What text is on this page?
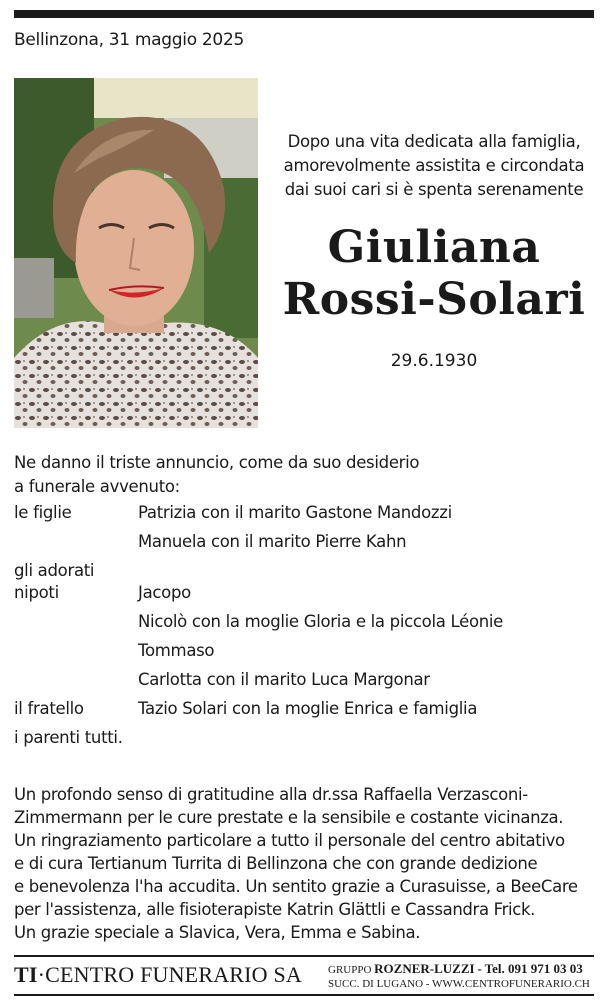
Bellinzona, 31 maggio 2025
Dopo una vita dedicata alla famiglia,
amorevolmente assistita e circondata
dai suoi cari si è spenta serenamente
Giuliana
Rossi-Solari
29.6.1930
Ne danno il triste annuncio, come da suo desiderio
a funerale avvenuto:
le figlie	Patrizia con il marito Gastone Mandozzi
Manuela con il marito Pierre Kahn
gli adorati
nipoti	Jacopo
Nicolò con la moglie Gloria e la piccola Léonie
Tommaso
Carlotta con il marito Luca Margonar
il fratello	Tazio Solari con la moglie Enrica e famiglia
i parenti tutti.
Un profondo senso di gratitudine alla dr.ssa Raffaella Verzasconi-
Zimmermann per le cure prestate e la sensibile e costante vicinanza.
Un ringraziamento particolare a tutto il personale del centro abitativo
e di cura Tertianum Turrita di Bellinzona che con grande dedizione
e benevolenza l'ha accudita. Un sentito grazie a Curasuisse, a BeeCare
per l'assistenza, alle fisioterapiste Katrin Glättli e Cassandra Frick.
Un grazie speciale a Slavica, Vera, Emma e Sabina.
TI·CENTRO FUNERARIO SA GRUPPO ROZNER-LUZZI - Tel. 091 971 03 03
SUCC. DI LUGANO - WWW.CENTROFUNERARIO.CH
